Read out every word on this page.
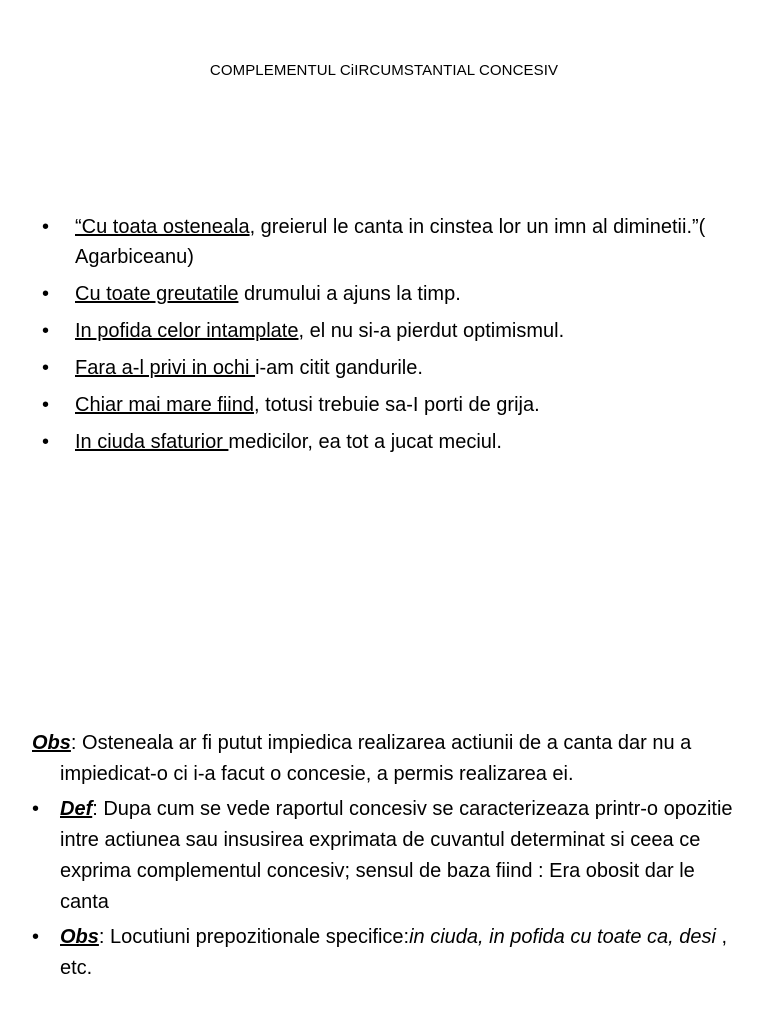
COMPLEMENTUL CiIRCUMSTANTIAL CONCESIV
• “Cu toata osteneala, greierul le canta in cinstea lor un imn al diminetii.”( Agarbiceanu)
• Cu toate greutatile drumului a ajuns la timp.
• In pofida celor intamplate, el nu si-a pierdut optimismul.
• Fara a-l privi in ochi i-am citit gandurile.
• Chiar mai mare fiind, totusi trebuie sa-I porti de grija.
• In ciuda sfaturior medicilor, ea tot a jucat meciul.
Obs: Osteneala ar fi putut impiedica realizarea actiunii de a canta dar nu a impiedicat-o ci i-a facut o concesie, a permis realizarea ei.
• Def: Dupa cum se vede raportul concesiv se caracterizeaza printr-o opozitie intre actiunea sau insusirea exprimata de cuvantul determinat si ceea ce exprima complementul concesiv; sensul de baza fiind : Era obosit dar le canta
• Obs: Locutiuni prepozitionale specifice:in ciuda, in pofida cu toate ca, desi , etc.
